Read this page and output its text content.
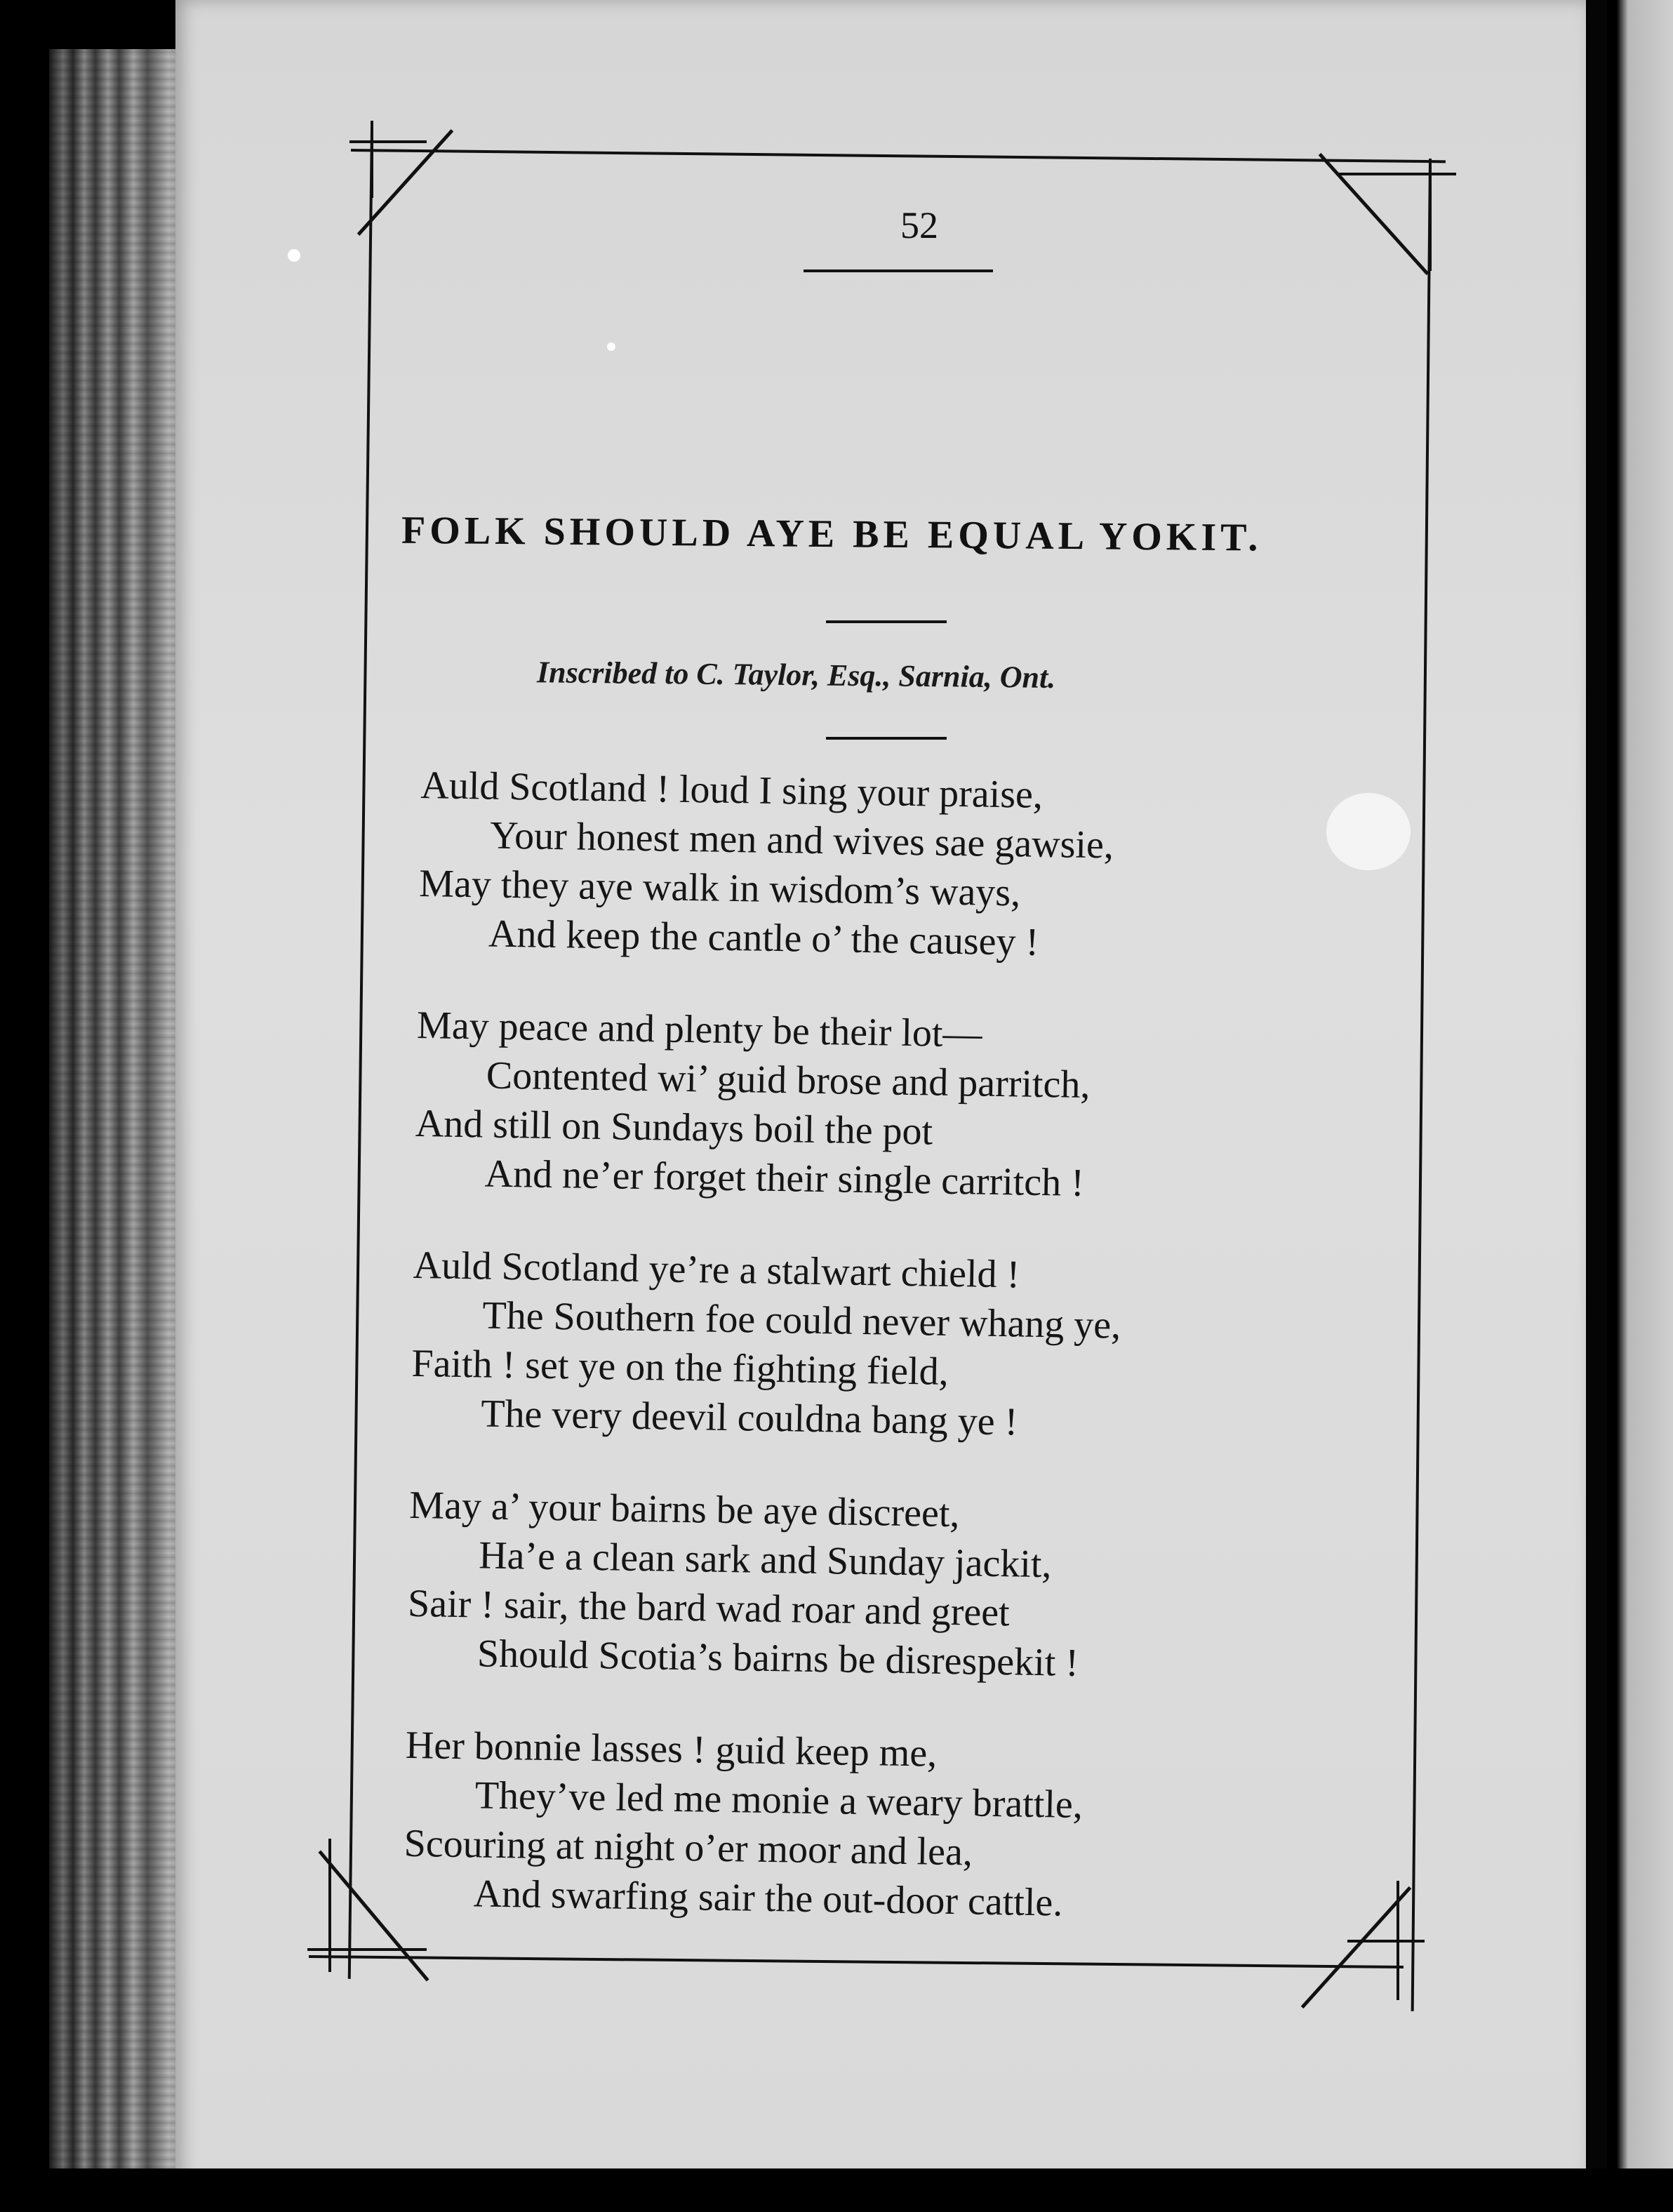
52
FOLK SHOULD AYE BE EQUAL YOKIT.
Inscribed to C. Taylor, Esq., Sarnia, Ont.
Auld Scotland ! loud I sing your praise,
Your honest men and wives sae gawsie,
May they aye walk in wisdom’s ways,
And keep the cantle o’ the causey !
May peace and plenty be their lot—
Contented wi’ guid brose and parritch,
And still on Sundays boil the pot
And ne’er forget their single carritch !
Auld Scotland ye’re a stalwart chield !
The Southern foe could never whang ye,
Faith ! set ye on the fighting field,
The very deevil couldna bang ye !
May a’ your bairns be aye discreet,
Ha’e a clean sark and Sunday jackit,
Sair ! sair, the bard wad roar and greet
Should Scotia’s bairns be disrespekit !
Her bonnie lasses ! guid keep me,
They’ve led me monie a weary brattle,
Scouring at night o’er moor and lea,
And swarfing sair the out-door cattle.
